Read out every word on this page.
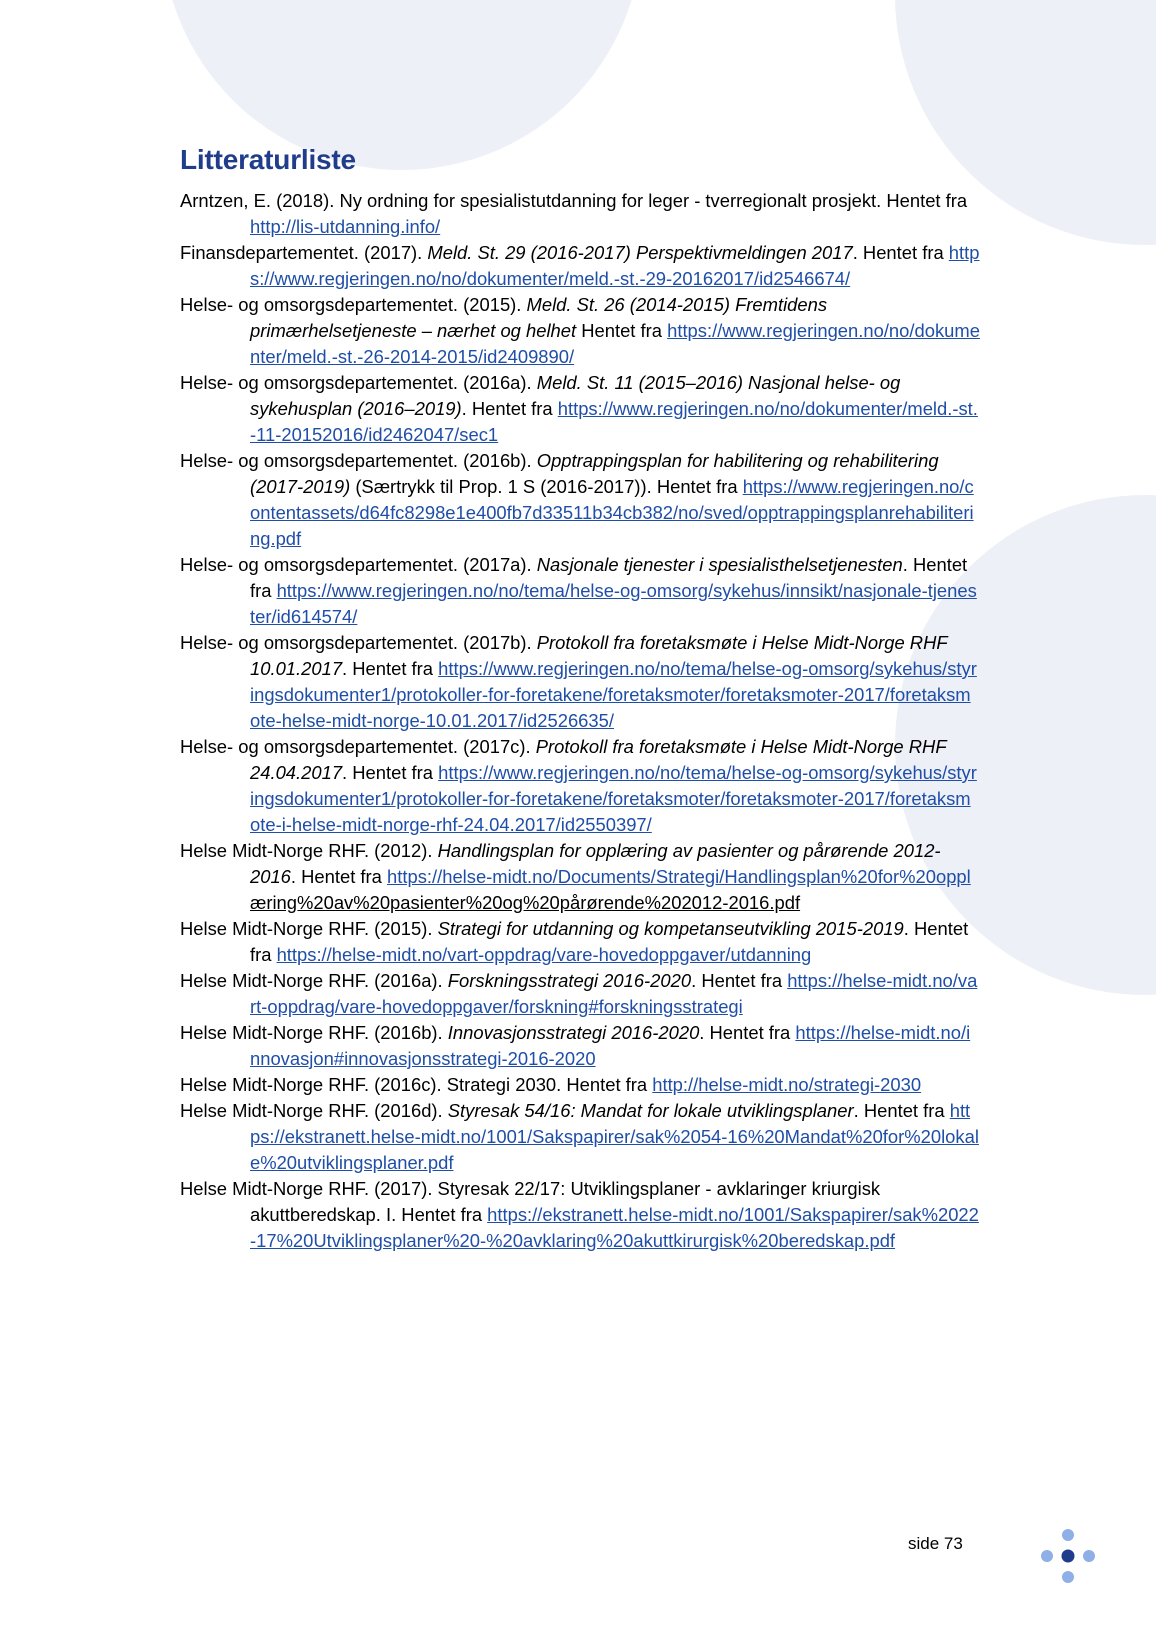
Litteraturliste
Arntzen, E. (2018). Ny ordning for spesialistutdanning for leger - tverregionalt prosjekt. Hentet fra http://lis-utdanning.info/
Finansdepartementet. (2017). Meld. St. 29 (2016-2017) Perspektivmeldingen 2017. Hentet fra https://www.regjeringen.no/no/dokumenter/meld.-st.-29-20162017/id2546674/
Helse- og omsorgsdepartementet. (2015). Meld. St. 26 (2014-2015) Fremtidens primærhelsetjeneste – nærhet og helhet Hentet fra https://www.regjeringen.no/no/dokumenter/meld.-st.-26-2014-2015/id2409890/
Helse- og omsorgsdepartementet. (2016a). Meld. St. 11 (2015–2016) Nasjonal helse- og sykehusplan (2016–2019). Hentet fra https://www.regjeringen.no/no/dokumenter/meld.-st.-11-20152016/id2462047/sec1
Helse- og omsorgsdepartementet. (2016b). Opptrappingsplan for habilitering og rehabilitering (2017-2019) (Særtrykk til Prop. 1 S (2016-2017)). Hentet fra https://www.regjeringen.no/contentassets/d64fc8298e1e400fb7d33511b34cb382/no/sved/opptrappingsplanrehabilitering.pdf
Helse- og omsorgsdepartementet. (2017a). Nasjonale tjenester i spesialisthelsetjenesten. Hentet fra https://www.regjeringen.no/no/tema/helse-og-omsorg/sykehus/innsikt/nasjonale-tjenester/id614574/
Helse- og omsorgsdepartementet. (2017b). Protokoll fra foretaksmøte i Helse Midt-Norge RHF 10.01.2017. Hentet fra https://www.regjeringen.no/no/tema/helse-og-omsorg/sykehus/styringsdokumenter1/protokoller-for-foretakene/foretaksmoter/foretaksmoter-2017/foretaksmote-helse-midt-norge-10.01.2017/id2526635/
Helse- og omsorgsdepartementet. (2017c). Protokoll fra foretaksmøte i Helse Midt-Norge RHF 24.04.2017. Hentet fra https://www.regjeringen.no/no/tema/helse-og-omsorg/sykehus/styringsdokumenter1/protokoller-for-foretakene/foretaksmoter/foretaksmoter-2017/foretaksmote-i-helse-midt-norge-rhf-24.04.2017/id2550397/
Helse Midt-Norge RHF. (2012). Handlingsplan for opplæring av pasienter og pårørende 2012-2016. Hentet fra https://helse-midt.no/Documents/Strategi/Handlingsplan%20for%20opplæring%20av%20pasienter%20og%20pårørende%202012-2016.pdf
Helse Midt-Norge RHF. (2015). Strategi for utdanning og kompetanseutvikling 2015-2019. Hentet fra https://helse-midt.no/vart-oppdrag/vare-hovedoppgaver/utdanning
Helse Midt-Norge RHF. (2016a). Forskningsstrategi 2016-2020. Hentet fra https://helse-midt.no/vart-oppdrag/vare-hovedoppgaver/forskning#forskningsstrategi
Helse Midt-Norge RHF. (2016b). Innovasjonsstrategi 2016-2020. Hentet fra https://helse-midt.no/innovasjon#innovasjonsstrategi-2016-2020
Helse Midt-Norge RHF. (2016c). Strategi 2030. Hentet fra http://helse-midt.no/strategi-2030
Helse Midt-Norge RHF. (2016d). Styresak 54/16: Mandat for lokale utviklingsplaner. Hentet fra https://ekstranett.helse-midt.no/1001/Sakspapirer/sak%2054-16%20Mandat%20for%20lokale%20utviklingsplaner.pdf
Helse Midt-Norge RHF. (2017). Styresak 22/17: Utviklingsplaner - avklaringer kriurgisk akuttberedskap. I. Hentet fra https://ekstranett.helse-midt.no/1001/Sakspapirer/sak%2022-17%20Utviklingsplaner%20-%20avklaring%20akuttkirurgisk%20beredskap.pdf
side 73
